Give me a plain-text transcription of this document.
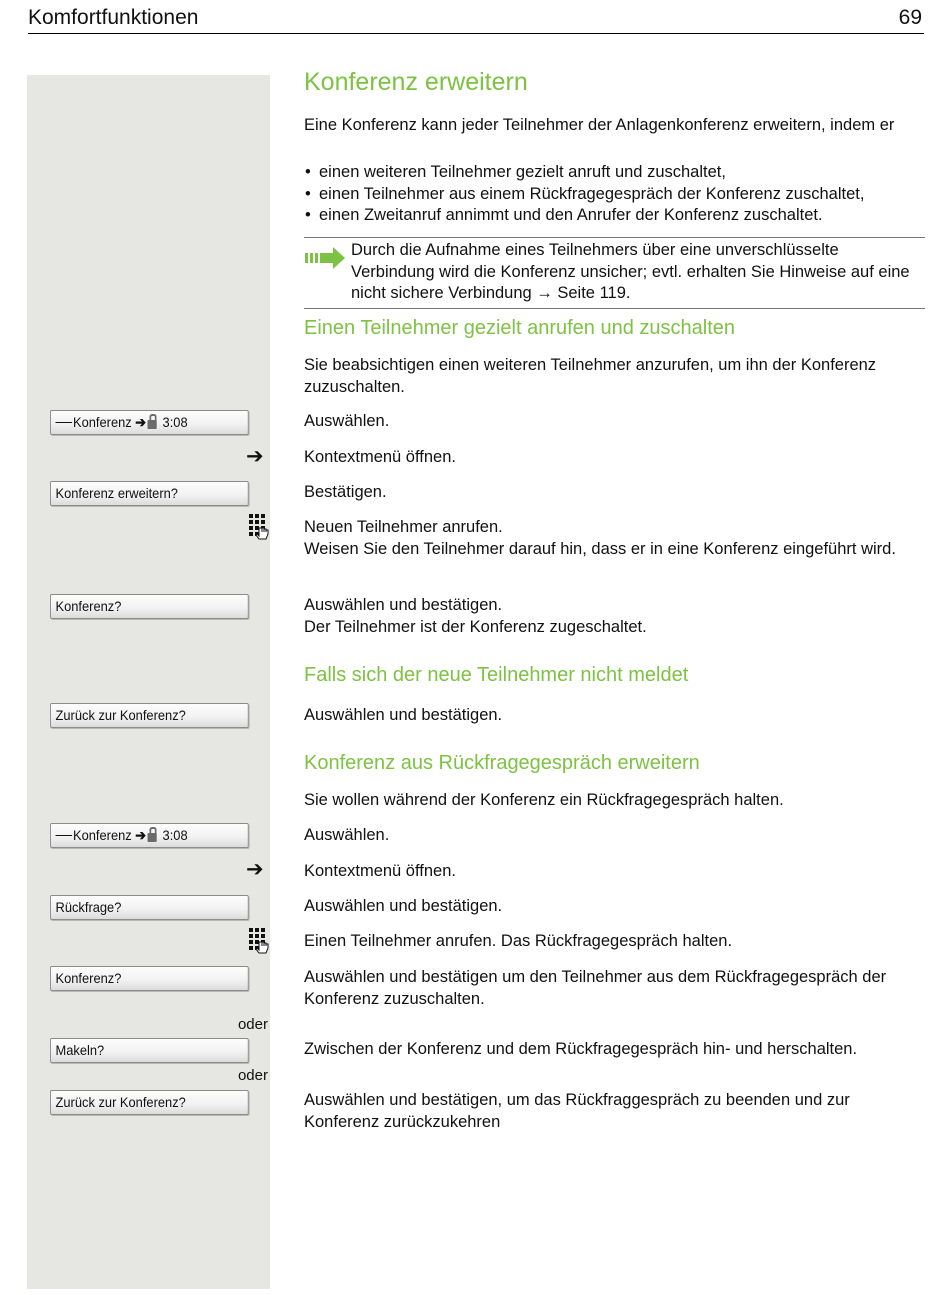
Komfortfunktionen	69
Konferenz ➔ 3:08
➔
Konferenz erweitern?
Konferenz?
Zurück zur Konferenz?
Konferenz ➔ 3:08
➔
Rückfrage?
Konferenz?
oder
Makeln?
oder
Zurück zur Konferenz?
Konferenz erweitern
Eine Konferenz kann jeder Teilnehmer der Anlagenkonferenz erweitern, indem er
• einen weiteren Teilnehmer gezielt anruft und zuschaltet,
• einen Teilnehmer aus einem Rückfragegespräch der Konferenz zuschaltet,
• einen Zweitanruf annimmt und den Anrufer der Konferenz zuschaltet.
Durch die Aufnahme eines Teilnehmers über eine unverschlüsselte Verbindung wird die Konferenz unsicher; evtl. erhalten Sie Hinweise auf eine nicht sichere Verbindung → Seite 119.
Einen Teilnehmer gezielt anrufen und zuschalten
Sie beabsichtigen einen weiteren Teilnehmer anzurufen, um ihn der Konferenz zuzuschalten.
Auswählen.
Kontextmenü öffnen.
Bestätigen.
Neuen Teilnehmer anrufen.
Weisen Sie den Teilnehmer darauf hin, dass er in eine Konferenz eingeführt wird.
Auswählen und bestätigen.
Der Teilnehmer ist der Konferenz zugeschaltet.
Falls sich der neue Teilnehmer nicht meldet
Auswählen und bestätigen.
Konferenz aus Rückfragegespräch erweitern
Sie wollen während der Konferenz ein Rückfragegespräch halten.
Auswählen.
Kontextmenü öffnen.
Auswählen und bestätigen.
Einen Teilnehmer anrufen. Das Rückfragegespräch halten.
Auswählen und bestätigen um den Teilnehmer aus dem Rückfragegespräch der Konferenz zuzuschalten.
Zwischen der Konferenz und dem Rückfragegespräch hin- und herschalten.
Auswählen und bestätigen, um das Rückfraggespräch zu beenden und zur Konferenz zurückzukehren
